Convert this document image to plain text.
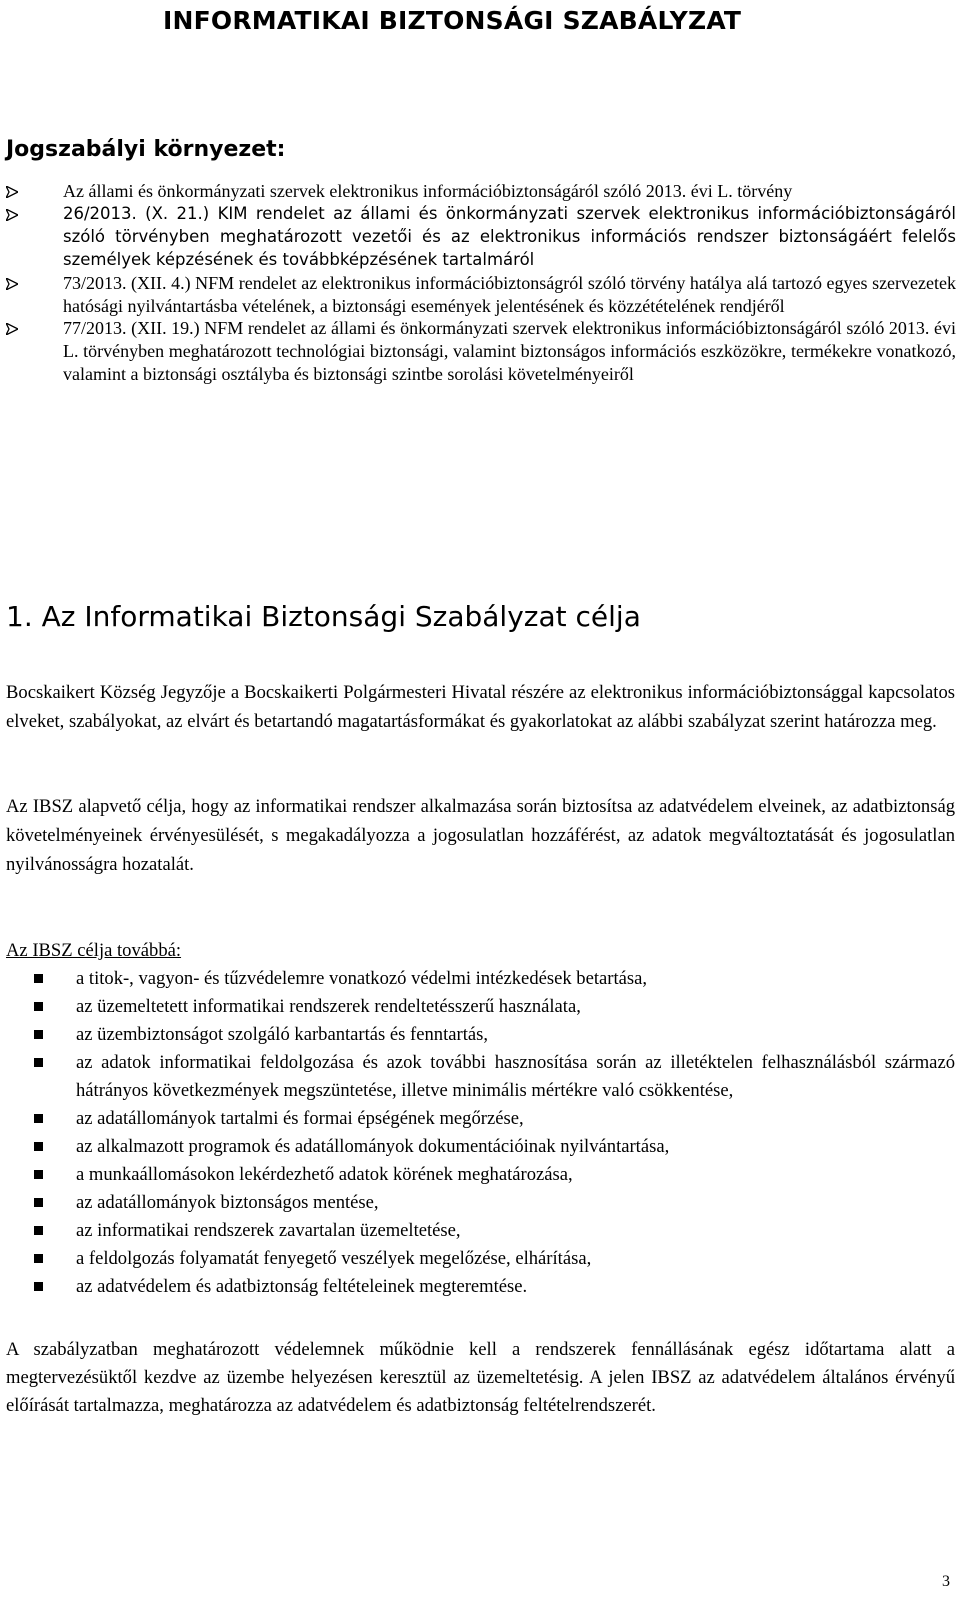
INFORMATIKAI BIZTONSÁGI SZABÁLYZAT
Jogszabályi környezet:
Az állami és önkormányzati szervek elektronikus információbiztonságáról szóló 2013. évi L. törvény
26/2013. (X. 21.) KIM rendelet az állami és önkormányzati szervek elektronikus információbiztonságáról szóló törvényben meghatározott vezetői és az elektronikus információs rendszer biztonságáért felelős személyek képzésének és továbbképzésének tartalmáról
73/2013. (XII. 4.) NFM rendelet az elektronikus információbiztonságról szóló törvény hatálya alá tartozó egyes szervezetek hatósági nyilvántartásba vételének, a biztonsági események jelentésének és közzétételének rendjéről
77/2013. (XII. 19.) NFM rendelet az állami és önkormányzati szervek elektronikus információbiztonságáról szóló 2013. évi L. törvényben meghatározott technológiai biztonsági, valamint biztonságos információs eszközökre, termékekre vonatkozó, valamint a biztonsági osztályba és biztonsági szintbe sorolási követelményeiről
1. Az Informatikai Biztonsági Szabályzat célja
Bocskaikert Község Jegyzője a Bocskaikerti Polgármesteri Hivatal részére az elektronikus információbiztonsággal kapcsolatos elveket, szabályokat, az elvárt és betartandó magatartásformákat és gyakorlatokat az alábbi szabályzat szerint határozza meg.
Az IBSZ alapvető célja, hogy az informatikai rendszer alkalmazása során biztosítsa az adatvédelem elveinek, az adatbiztonság követelményeinek érvényesülését, s megakadályozza a jogosulatlan hozzáférést, az adatok megváltoztatását és jogosulatlan nyilvánosságra hozatalát.
Az IBSZ célja továbbá:
a titok-, vagyon- és tűzvédelemre vonatkozó védelmi intézkedések betartása,
az üzemeltetett informatikai rendszerek rendeltetésszerű használata,
az üzembiztonságot szolgáló karbantartás és fenntartás,
az adatok informatikai feldolgozása és azok további hasznosítása során az illetéktelen felhasználásból származó hátrányos következmények megszüntetése, illetve minimális mértékre való csökkentése,
az adatállományok tartalmi és formai épségének megőrzése,
az alkalmazott programok és adatállományok dokumentációinak nyilvántartása,
a munkaállomásokon lekérdezhető adatok körének meghatározása,
az adatállományok biztonságos mentése,
az informatikai rendszerek zavartalan üzemeltetése,
a feldolgozás folyamatát fenyegető veszélyek megelőzése, elhárítása,
az adatvédelem és adatbiztonság feltételeinek megteremtése.
A szabályzatban meghatározott védelemnek működnie kell a rendszerek fennállásának egész időtartama alatt a megtervezésüktől kezdve az üzembe helyezésen keresztül az üzemeltetésig. A jelen IBSZ az adatvédelem általános érvényű előírását tartalmazza, meghatározza az adatvédelem és adatbiztonság feltételrendszerét.
3
